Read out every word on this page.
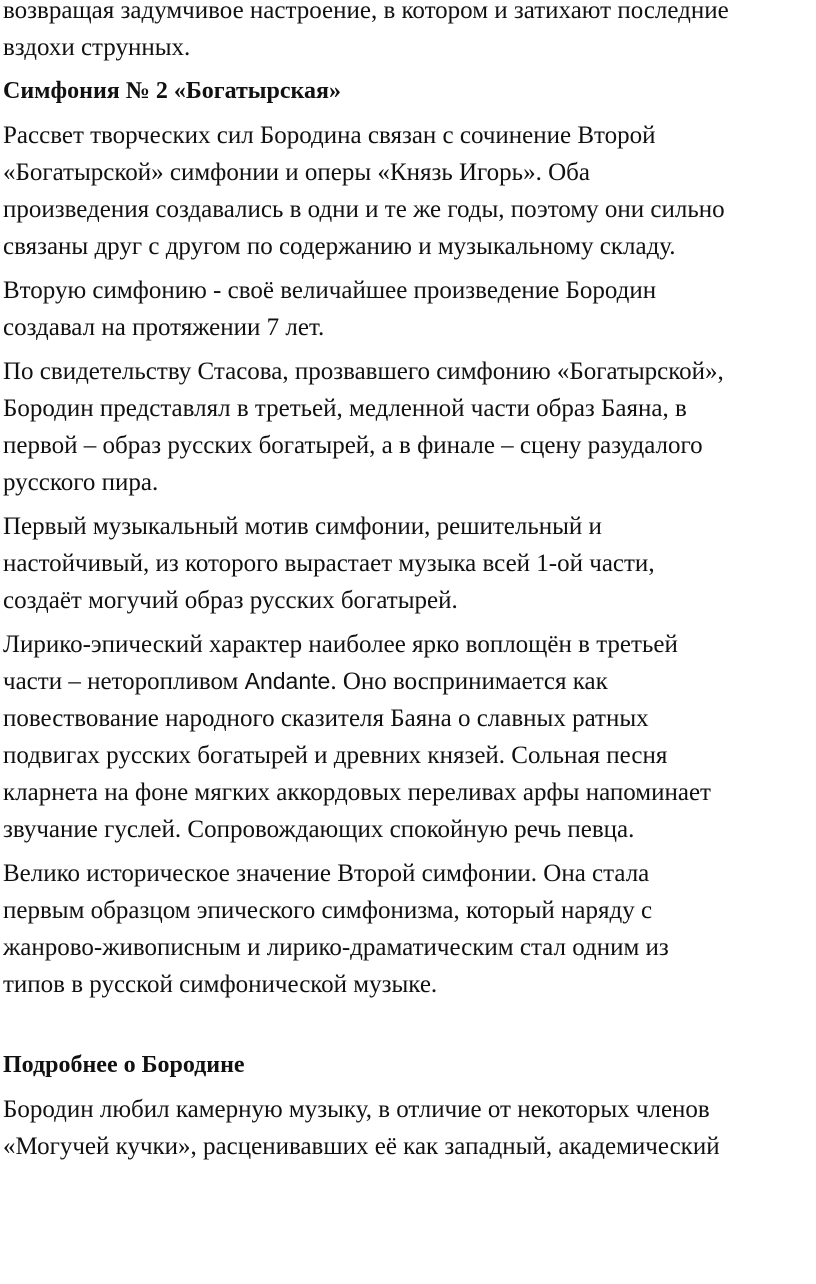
возвращая задумчивое настроение, в котором и затихают последние
вздохи струнных.
Симфония № 2 «Богатырская»
Рассвет творческих сил Бородина связан с сочинение Второй
«Богатырской» симфонии и оперы «Князь Игорь». Оба
произведения создавались в одни и те же годы, поэтому они сильно
связаны друг с другом по содержанию и музыкальному складу.
Вторую симфонию - своё величайшее произведение Бородин
создавал на протяжении 7 лет.
По свидетельству Стасова, прозвавшего симфонию «Богатырской»,
Бородин представлял в третьей, медленной части образ Баяна, в
первой – образ русских богатырей, а в финале – сцену разудалого
русского пира.
Первый музыкальный мотив симфонии, решительный и
настойчивый, из которого вырастает музыка всей 1-ой части,
создаёт могучий образ русских богатырей.
Лирико-эпический характер наиболее ярко воплощён в третьей
части – неторопливом Andante. Оно воспринимается как
повествование народного сказителя Баяна о славных ратных
подвигах русских богатырей и древних князей. Сольная песня
кларнета на фоне мягких аккордовых переливах арфы напоминает
звучание гуслей. Сопровождающих спокойную речь певца.
Велико историческое значение Второй симфонии. Она стала
первым образцом эпического симфонизма, который наряду с
жанрово-живописным и лирико-драматическим стал одним из
типов в русской симфонической музыке.
Подробнее о Бородине
Бородин любил камерную музыку, в отличие от некоторых членов
«Могучей кучки», расценивавших её как западный, академический
